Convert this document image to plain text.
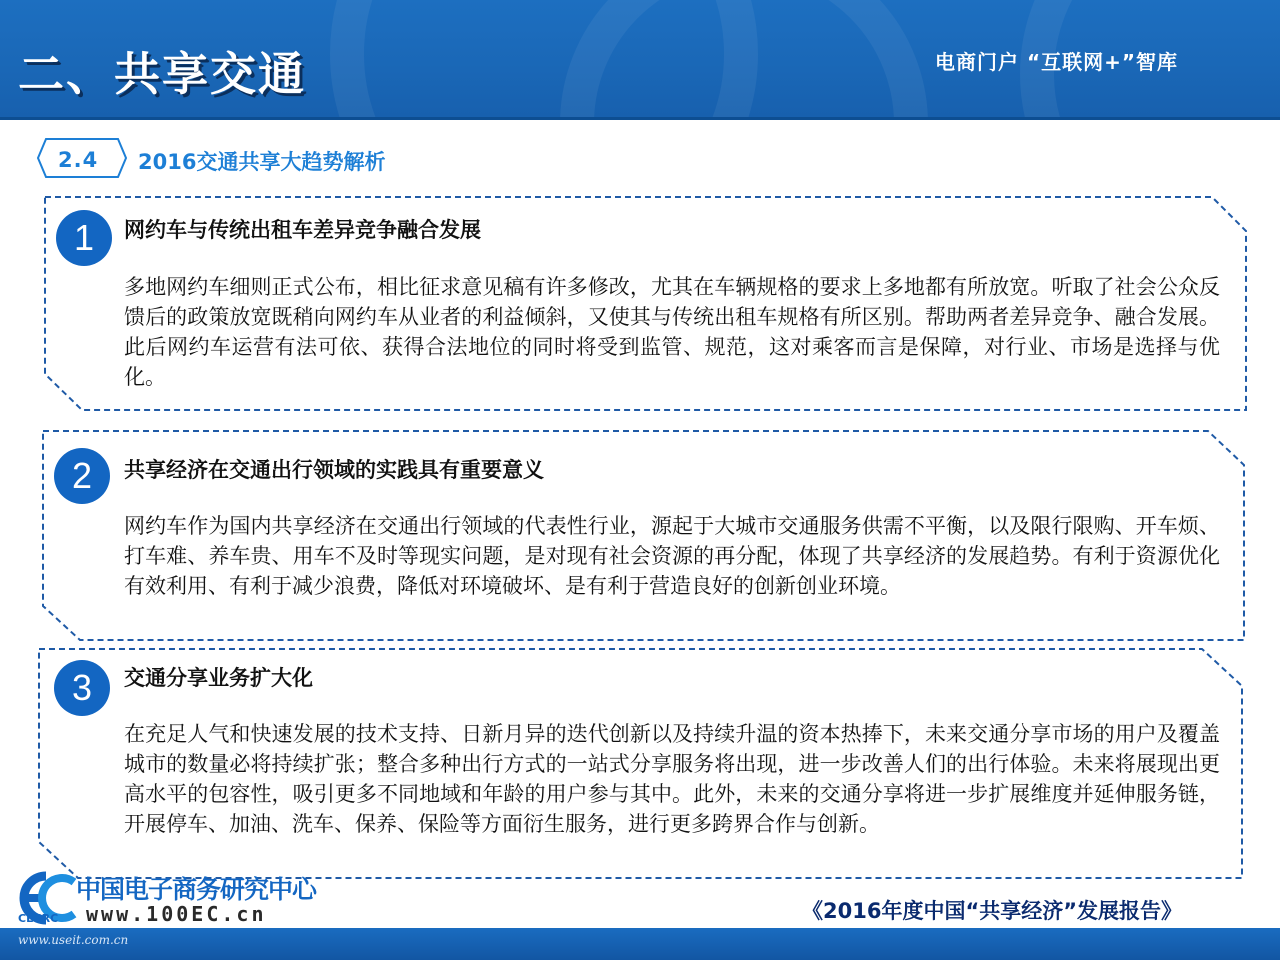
二、共享交通	电商门户 “互联网+”智库
2.4 2016交通共享大趋势解析
1	网约车与传统出租车差异竞争融合发展
多地网约车细则正式公布，相比征求意见稿有许多修改，尤其在车辆规格的要求上多地都有所放宽。听取了社会公众反馈后的政策放宽既稍向网约车从业者的利益倾斜，又使其与传统出租车规格有所区别。帮助两者差异竞争、融合发展。此后网约车运营有法可依、获得合法地位的同时将受到监管、规范，这对乘客而言是保障，对行业、市场是选择与优化。
2	共享经济在交通出行领域的实践具有重要意义
网约车作为国内共享经济在交通出行领域的代表性行业，源起于大城市交通服务供需不平衡，以及限行限购、开车烦、打车难、养车贵、用车不及时等现实问题，是对现有社会资源的再分配，体现了共享经济的发展趋势。有利于资源优化有效利用、有利于减少浪费，降低对环境破坏、是有利于营造良好的创新创业环境。
3	交通分享业务扩大化
在充足人气和快速发展的技术支持、日新月异的迭代创新以及持续升温的资本热捧下，未来交通分享市场的用户及覆盖城市的数量必将持续扩张；整合多种出行方式的一站式分享服务将出现，进一步改善人们的出行体验。未来将展现出更高水平的包容性，吸引更多不同地域和年龄的用户参与其中。此外，未来的交通分享将进一步扩展维度并延伸服务链，开展停车、加油、洗车、保养、保险等方面衍生服务，进行更多跨界合作与创新。
中国电子商务研究中心
www.100EC.cn
CECRC	《2016年度中国“共享经济”发展报告》
www.useit.com.cn
